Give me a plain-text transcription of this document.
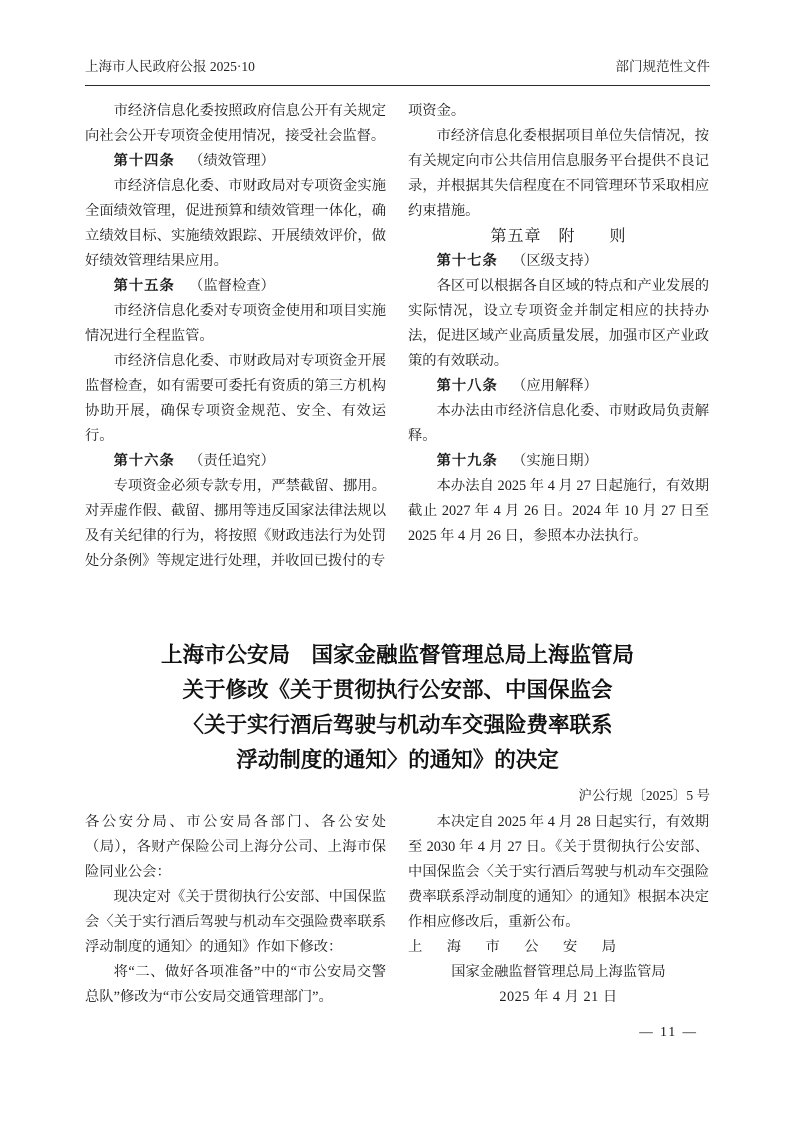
上海市人民政府公报 2025·10	部门规范性文件

市经济信息化委按照政府信息公开有关规定向社会公开专项资金使用情况，接受社会监督。

第十四条 （绩效管理）

市经济信息化委、市财政局对专项资金实施全面绩效管理，促进预算和绩效管理一体化，确立绩效目标、实施绩效跟踪、开展绩效评价，做好绩效管理结果应用。

第十五条 （监督检查）

市经济信息化委对专项资金使用和项目实施情况进行全程监管。

市经济信息化委、市财政局对专项资金开展监督检查，如有需要可委托有资质的第三方机构协助开展，确保专项资金规范、安全、有效运行。

第十六条 （责任追究）

专项资金必须专款专用，严禁截留、挪用。对弄虚作假、截留、挪用等违反国家法律法规以及有关纪律的行为，将按照《财政违法行为处罚处分条例》等规定进行处理，并收回已拨付的专

项资金。

市经济信息化委根据项目单位失信情况，按有关规定向市公共信用信息服务平台提供不良记录，并根据其失信程度在不同管理环节采取相应约束措施。

第五章　附　　则

第十七条 （区级支持）

各区可以根据各自区域的特点和产业发展的实际情况，设立专项资金并制定相应的扶持办法，促进区域产业高质量发展，加强市区产业政策的有效联动。

第十八条 （应用解释）

本办法由市经济信息化委、市财政局负责解释。

第十九条 （实施日期）

本办法自 2025 年 4 月 27 日起施行，有效期截止 2027 年 4 月 26 日。2024 年 10 月 27 日至 2025 年 4 月 26 日，参照本办法执行。

上海市公安局　国家金融监督管理总局上海监管局
关于修改《关于贯彻执行公安部、中国保监会
〈关于实行酒后驾驶与机动车交强险费率联系
浮动制度的通知〉的通知》的决定
沪公行规〔2025〕5 号

各公安分局、市公安局各部门、各公安处（局），各财产保险公司上海分公司、上海市保险同业公会：

现决定对《关于贯彻执行公安部、中国保监会〈关于实行酒后驾驶与机动车交强险费率联系浮动制度的通知〉的通知》作如下修改：

将“二、做好各项准备”中的“市公安局交警总队”修改为“市公安局交通管理部门”。

本决定自 2025 年 4 月 28 日起实行，有效期至 2030 年 4 月 27 日。《关于贯彻执行公安部、中国保监会〈关于实行酒后驾驶与机动车交强险费率联系浮动制度的通知〉的通知》根据本决定作相应修改后，重新公布。

上海市公安局

国家金融监督管理总局上海监管局

2025 年 4 月 21 日

— 11 —
